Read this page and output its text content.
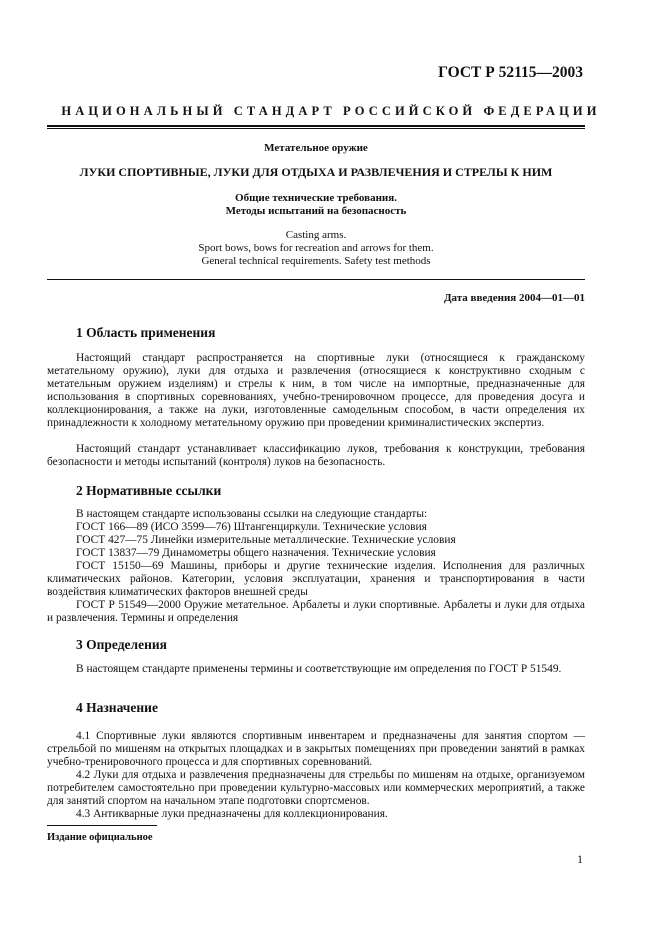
ГОСТ Р 52115—2003
НАЦИОНАЛЬНЫЙ СТАНДАРТ РОССИЙСКОЙ ФЕДЕРАЦИИ
Метательное оружие
ЛУКИ СПОРТИВНЫЕ, ЛУКИ ДЛЯ ОТДЫХА И РАЗВЛЕЧЕНИЯ И СТРЕЛЫ К НИМ
Общие технические требования.
Методы испытаний на безопасность
Casting arms.
Sport bows, bows for recreation and arrows for them.
General technical requirements. Safety test methods
Дата введения 2004—01—01
1 Область применения
Настоящий стандарт распространяется на спортивные луки (относящиеся к гражданскому метательному оружию), луки для отдыха и развлечения (относящиеся к конструктивно сходным с метательным оружием изделиям) и стрелы к ним, в том числе на импортные, предназначенные для использования в спортивных соревнованиях, учебно-тренировочном процессе, для проведения досуга и коллекционирования, а также на луки, изготовленные самодельным способом, в части определения их принадлежности к холодному метательному оружию при проведении криминалистических экспертиз.
Настоящий стандарт устанавливает классификацию луков, требования к конструкции, требования безопасности и методы испытаний (контроля) луков на безопасность.
2 Нормативные ссылки
В настоящем стандарте использованы ссылки на следующие стандарты:
ГОСТ 166—89 (ИСО 3599—76) Штангенциркули. Технические условия
ГОСТ 427—75 Линейки измерительные металлические. Технические условия
ГОСТ 13837—79 Динамометры общего назначения. Технические условия
ГОСТ 15150—69 Машины, приборы и другие технические изделия. Исполнения для различных климатических районов. Категории, условия эксплуатации, хранения и транспортирования в части воздействия климатических факторов внешней среды
ГОСТ Р 51549—2000 Оружие метательное. Арбалеты и луки спортивные. Арбалеты и луки для отдыха и развлечения. Термины и определения
3 Определения
В настоящем стандарте применены термины и соответствующие им определения по ГОСТ Р 51549.
4 Назначение
4.1 Спортивные луки являются спортивным инвентарем и предназначены для занятия спортом — стрельбой по мишеням на открытых площадках и в закрытых помещениях при проведении занятий в рамках учебно-тренировочного процесса и для спортивных соревнований.
4.2 Луки для отдыха и развлечения предназначены для стрельбы по мишеням на отдыхе, организуемом потребителем самостоятельно при проведении культурно-массовых или коммерческих мероприятий, а также для занятий спортом на начальном этапе подготовки спортсменов.
4.3 Антикварные луки предназначены для коллекционирования.
Издание официальное
1
